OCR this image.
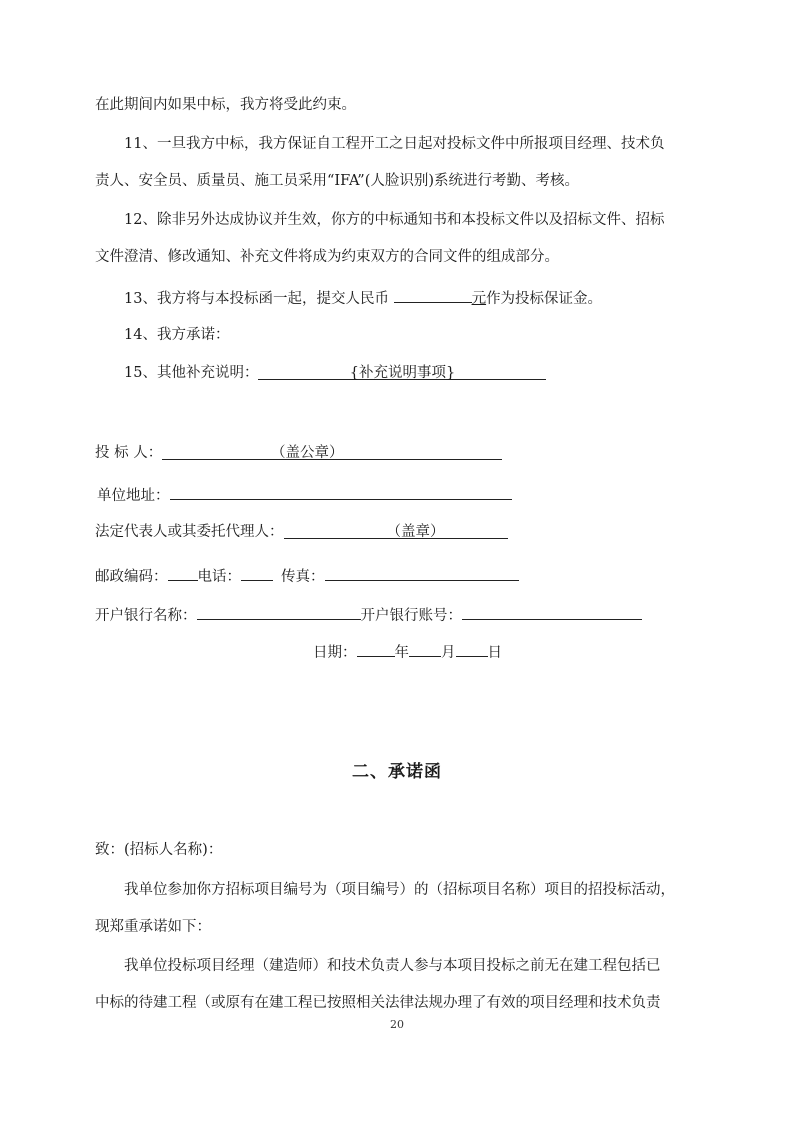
在此期间内如果中标，我方将受此约束。
11、一旦我方中标，我方保证自工程开工之日起对投标文件中所报项目经理、技术负
责人、安全员、质量员、施工员采用“IFA”(人脸识别)系统进行考勤、考核。
12、除非另外达成协议并生效，你方的中标通知书和本投标文件以及招标文件、招标
文件澄清、修改通知、补充文件将成为约束双方的合同文件的组成部分。
13、我方将与本投标函一起，提交人民币	元作为投标保证金。
14、我方承诺：
15、其他补充说明：	{补充说明事项}
投 标 人：	（盖公章）
单位地址：
法定代表人或其委托代理人：	（盖章）
邮政编码： 电话：	传真：
开户银行名称：	开户银行账号：
日期：	年 月 日
二、承诺函
致：(招标人名称)：
我单位参加你方招标项目编号为（项目编号）的（招标项目名称）项目的招投标活动，
现郑重承诺如下：
我单位投标项目经理（建造师）和技术负责人参与本项目投标之前无在建工程包括已
中标的待建工程（或原有在建工程已按照相关法律法规办理了有效的项目经理和技术负责
20
